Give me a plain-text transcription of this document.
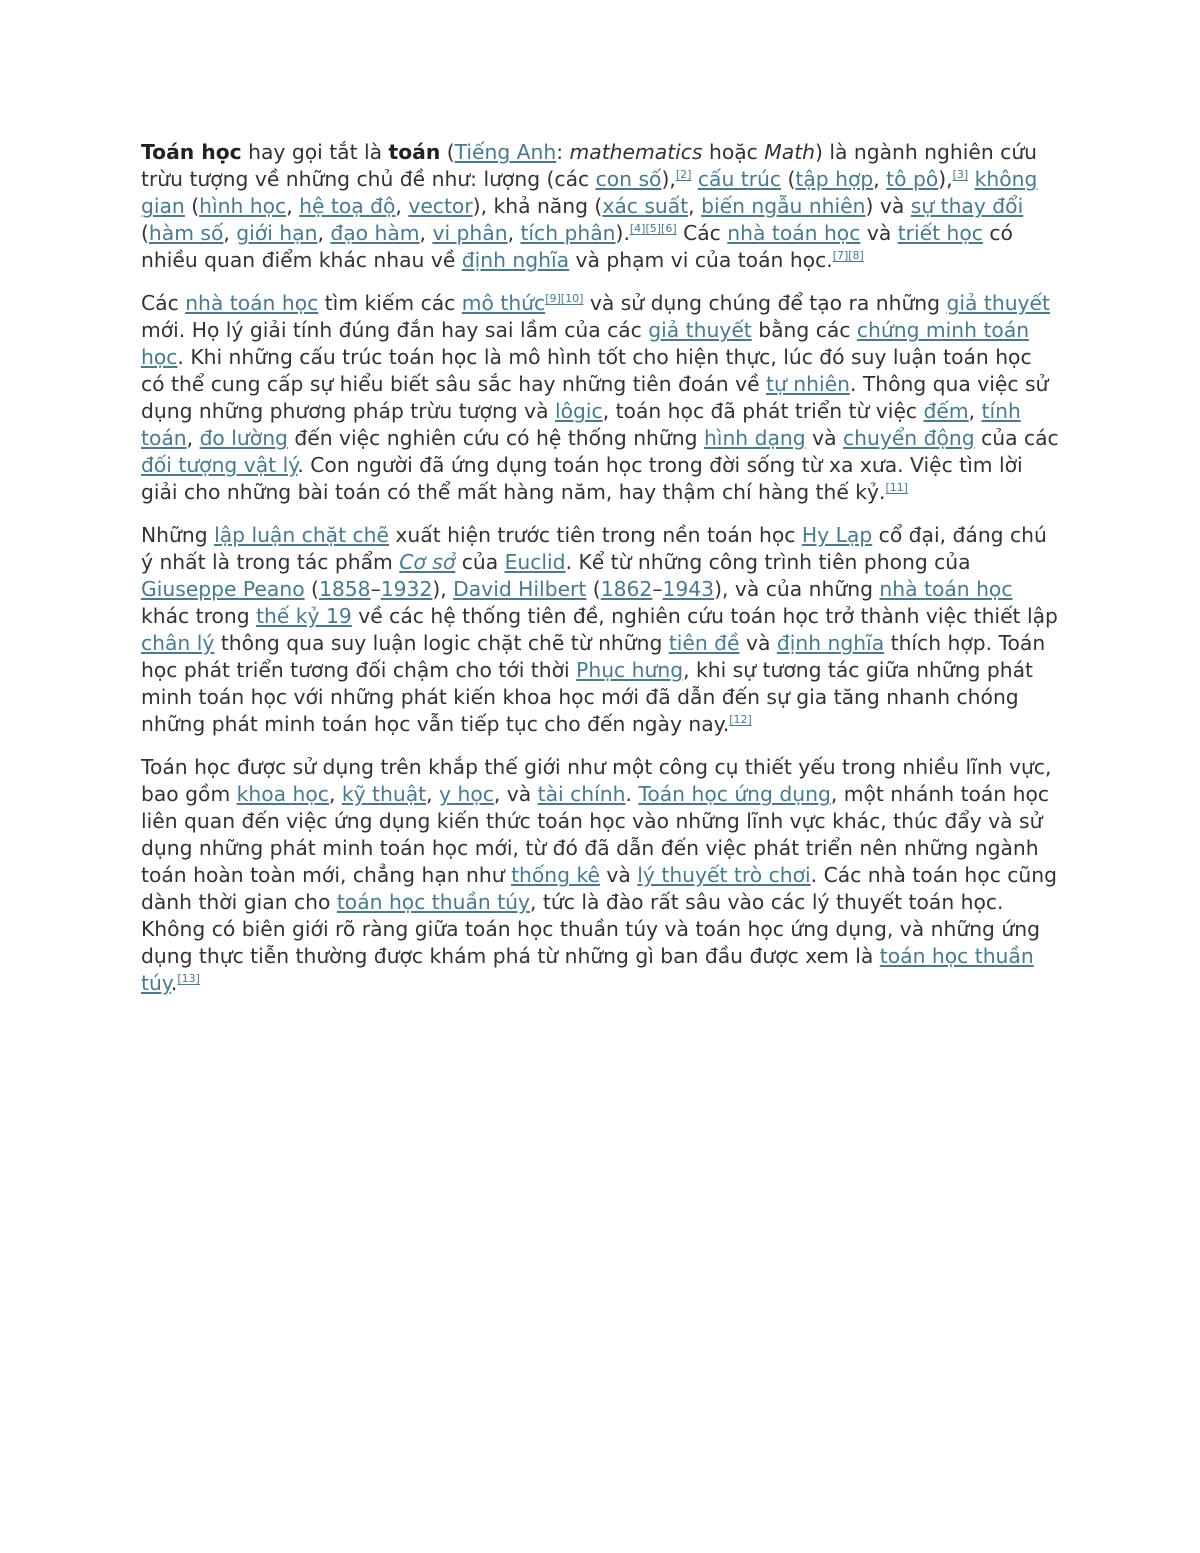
Toán học hay gọi tắt là toán (Tiếng Anh: mathematics hoặc Math) là ngành nghiên cứu trừu tượng về những chủ đề như: lượng (các con số),[2] cấu trúc (tập hợp, tô pô),[3] không gian (hình học, hệ toạ độ, vector), khả năng (xác suất, biến ngẫu nhiên) và sự thay đổi (hàm số, giới hạn, đạo hàm, vi phân, tích phân).[4][5][6] Các nhà toán học và triết học có nhiều quan điểm khác nhau về định nghĩa và phạm vi của toán học.[7][8]

Các nhà toán học tìm kiếm các mô thức[9][10] và sử dụng chúng để tạo ra những giả thuyết mới. Họ lý giải tính đúng đắn hay sai lầm của các giả thuyết bằng các chứng minh toán học. Khi những cấu trúc toán học là mô hình tốt cho hiện thực, lúc đó suy luận toán học có thể cung cấp sự hiểu biết sâu sắc hay những tiên đoán về tự nhiên. Thông qua việc sử dụng những phương pháp trừu tượng và lôgic, toán học đã phát triển từ việc đếm, tính toán, đo lường đến việc nghiên cứu có hệ thống những hình dạng và chuyển động của các đối tượng vật lý. Con người đã ứng dụng toán học trong đời sống từ xa xưa. Việc tìm lời giải cho những bài toán có thể mất hàng năm, hay thậm chí hàng thế kỷ.[11]

Những lập luận chặt chẽ xuất hiện trước tiên trong nền toán học Hy Lạp cổ đại, đáng chú ý nhất là trong tác phẩm Cơ sở của Euclid. Kể từ những công trình tiên phong của Giuseppe Peano (1858–1932), David Hilbert (1862–1943), và của những nhà toán học khác trong thế kỷ 19 về các hệ thống tiên đề, nghiên cứu toán học trở thành việc thiết lập chân lý thông qua suy luận logic chặt chẽ từ những tiên đề và định nghĩa thích hợp. Toán học phát triển tương đối chậm cho tới thời Phục hưng, khi sự tương tác giữa những phát minh toán học với những phát kiến khoa học mới đã dẫn đến sự gia tăng nhanh chóng những phát minh toán học vẫn tiếp tục cho đến ngày nay.[12]

Toán học được sử dụng trên khắp thế giới như một công cụ thiết yếu trong nhiều lĩnh vực, bao gồm khoa học, kỹ thuật, y học, và tài chính. Toán học ứng dụng, một nhánh toán học liên quan đến việc ứng dụng kiến thức toán học vào những lĩnh vực khác, thúc đẩy và sử dụng những phát minh toán học mới, từ đó đã dẫn đến việc phát triển nên những ngành toán hoàn toàn mới, chẳng hạn như thống kê và lý thuyết trò chơi. Các nhà toán học cũng dành thời gian cho toán học thuần túy, tức là đào rất sâu vào các lý thuyết toán học. Không có biên giới rõ ràng giữa toán học thuần túy và toán học ứng dụng, và những ứng dụng thực tiễn thường được khám phá từ những gì ban đầu được xem là toán học thuần túy.[13]
